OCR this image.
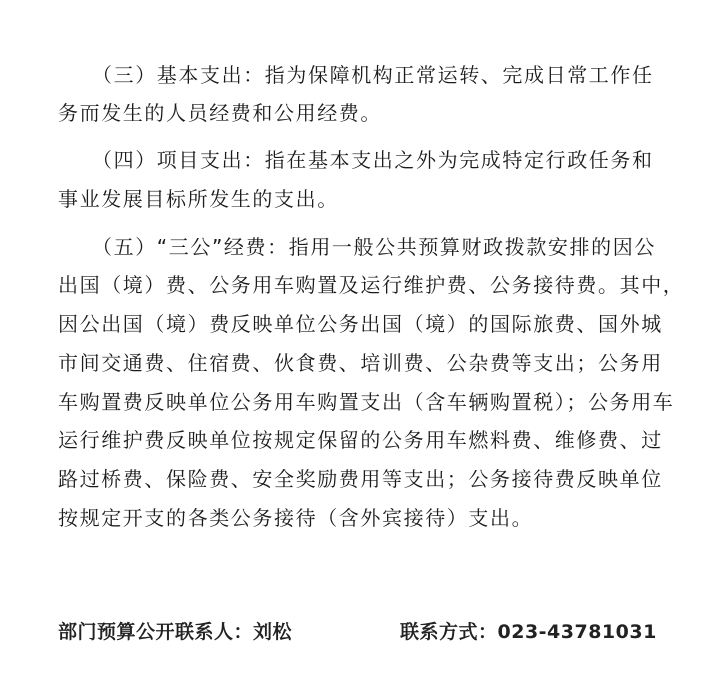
（三）基本支出：指为保障机构正常运转、完成日常工作任
务而发生的人员经费和公用经费。
（四）项目支出：指在基本支出之外为完成特定行政任务和
事业发展目标所发生的支出。
（五）“三公”经费：指用一般公共预算财政拨款安排的因公
出国（境）费、公务用车购置及运行维护费、公务接待费。其中，
因公出国（境）费反映单位公务出国（境）的国际旅费、国外城
市间交通费、住宿费、伙食费、培训费、公杂费等支出；公务用
车购置费反映单位公务用车购置支出（含车辆购置税）；公务用车
运行维护费反映单位按规定保留的公务用车燃料费、维修费、过
路过桥费、保险费、安全奖励费用等支出；公务接待费反映单位
按规定开支的各类公务接待（含外宾接待）支出。
部门预算公开联系人：刘松	联系方式：023-43781031
